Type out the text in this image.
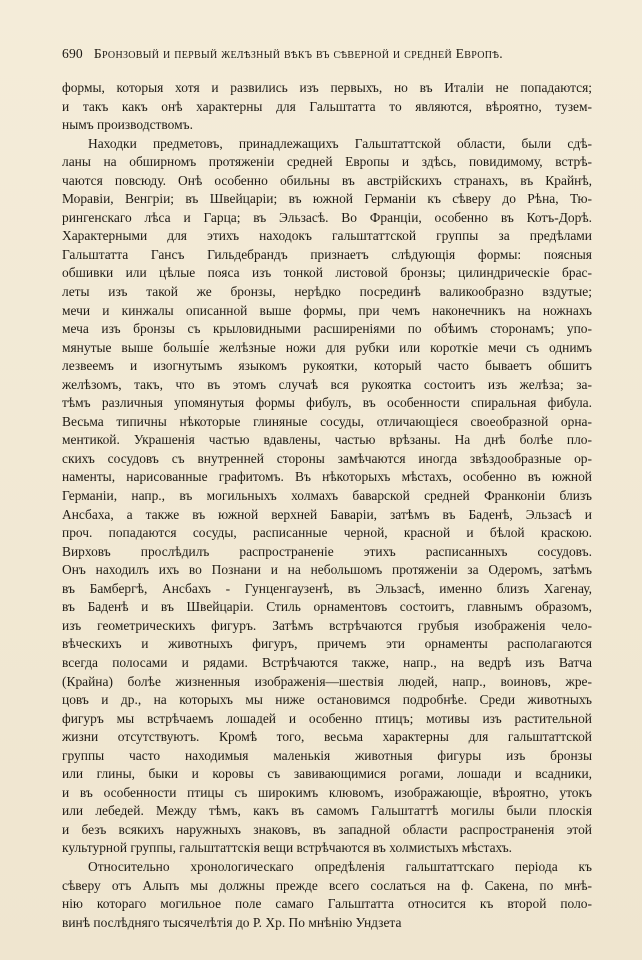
690 Бронзовый и первый желѣзный вѣкъ въ сѣверной и средней Европѣ.
формы, которыя хотя и развились изъ первыхъ, но въ Италіи не попадаются;
и такъ какъ онѣ характерны для Гальштатта то являются, вѣроятно, тузем-
нымъ производствомъ.
Находки предметовъ, принадлежащихъ Гальштаттской области, были сдѣ-
ланы на обширномъ протяженіи средней Европы и здѣсь, повидимому, встрѣ-
чаются повсюду. Онѣ особенно обильны въ австрійскихъ странахъ, въ Крайнѣ,
Моравіи, Венгріи; въ Швейцаріи; въ южной Германіи къ сѣверу до Рѣна, Тю-
рингенскаго лѣса и Гарца; въ Эльзасѣ. Во Франціи, особенно въ Котъ-Дорѣ.
Характерными для этихъ находокъ гальштаттской группы за предѣлами
Гальштатта Гансъ Гильдебрандъ признаетъ слѣдующія формы: поясныя
обшивки или цѣлые пояса изъ тонкой листовой бронзы; цилиндрическіе брас-
леты изъ такой же бронзы, нерѣдко посрединѣ валикообразно вздутые;
мечи и кинжалы описанной выше формы, при чемъ наконечникъ на ножнахъ
меча изъ бронзы съ крыловидными расширеніями по обѣимъ сторонамъ; упо-
мянутые выше больші́е желѣзные ножи для рубки или короткіе мечи съ однимъ
лезвеемъ и изогнутымъ языкомъ рукоятки, который часто бываетъ обшитъ
желѣзомъ, такъ, что въ этомъ случаѣ вся рукоятка состоитъ изъ желѣза; за-
тѣмъ различныя упомянутыя формы фибулъ, въ особенности спиральная фибула.
Весьма типичны нѣкоторые глиняные сосуды, отличающіеся своеобразной орна-
ментикой. Украшенія частью вдавлены, частью врѣзаны. На днѣ болѣе пло-
скихъ сосудовъ съ внутренней стороны замѣчаются иногда звѣздообразные ор-
наменты, нарисованные графитомъ. Въ нѣкоторыхъ мѣстахъ, особенно въ южной
Германіи, напр., въ могильныхъ холмахъ баварской средней Франконіи близъ
Ансбаха, а также въ южной верхней Баваріи, затѣмъ въ Баденѣ, Эльзасѣ и
проч. попадаются сосуды, расписанные черной, красной и бѣлой краскою.
Вирховъ прослѣдилъ распространеніе этихъ расписанныхъ сосудовъ.
Онъ находилъ ихъ во Познани и на небольшомъ протяженіи за Одеромъ, затѣмъ
въ Бамбергѣ, Ансбахъ - Гунценгаузенѣ, въ Эльзасѣ, именно близъ Хагенау,
въ Баденѣ и въ Швейцаріи. Стиль орнаментовъ состоитъ, главнымъ образомъ,
изъ геометрическихъ фигуръ. Затѣмъ встрѣчаются грубыя изображенія чело-
вѣческихъ и животныхъ фигуръ, причемъ эти орнаменты располагаются
всегда полосами и рядами. Встрѣчаются также, напр., на ведрѣ изъ Ватча
(Крайна) болѣе жизненныя изображенія—шествія людей, напр., воиновъ, жре-
цовъ и др., на которыхъ мы ниже остановимся подробнѣе. Среди животныхъ
фигуръ мы встрѣчаемъ лошадей и особенно птицъ; мотивы изъ растительной
жизни отсутствуютъ. Кромѣ того, весьма характерны для гальштаттской
группы часто находимыя маленькія животныя фигуры изъ бронзы
или глины, быки и коровы съ завивающимися рогами, лошади и всадники,
и въ особенности птицы съ широкимъ клювомъ, изображающіе, вѣроятно, утокъ
или лебедей. Между тѣмъ, какъ въ самомъ Гальштаттѣ могилы были плоскія
и безъ всякихъ наружныхъ знаковъ, въ западной области распространенія этой
культурной группы, гальштаттскія вещи встрѣчаются въ холмистыхъ мѣстахъ.
Относительно хронологическаго опредѣленія гальштаттскаго періода къ
сѣверу отъ Альпъ мы должны прежде всего сослаться на ф. Сакена, по мнѣ-
нію котораго могильное поле самаго Гальштатта относится къ второй поло-
винѣ послѣдняго тысячелѣтія до Р. Хр. По мнѣнію Ундзета
